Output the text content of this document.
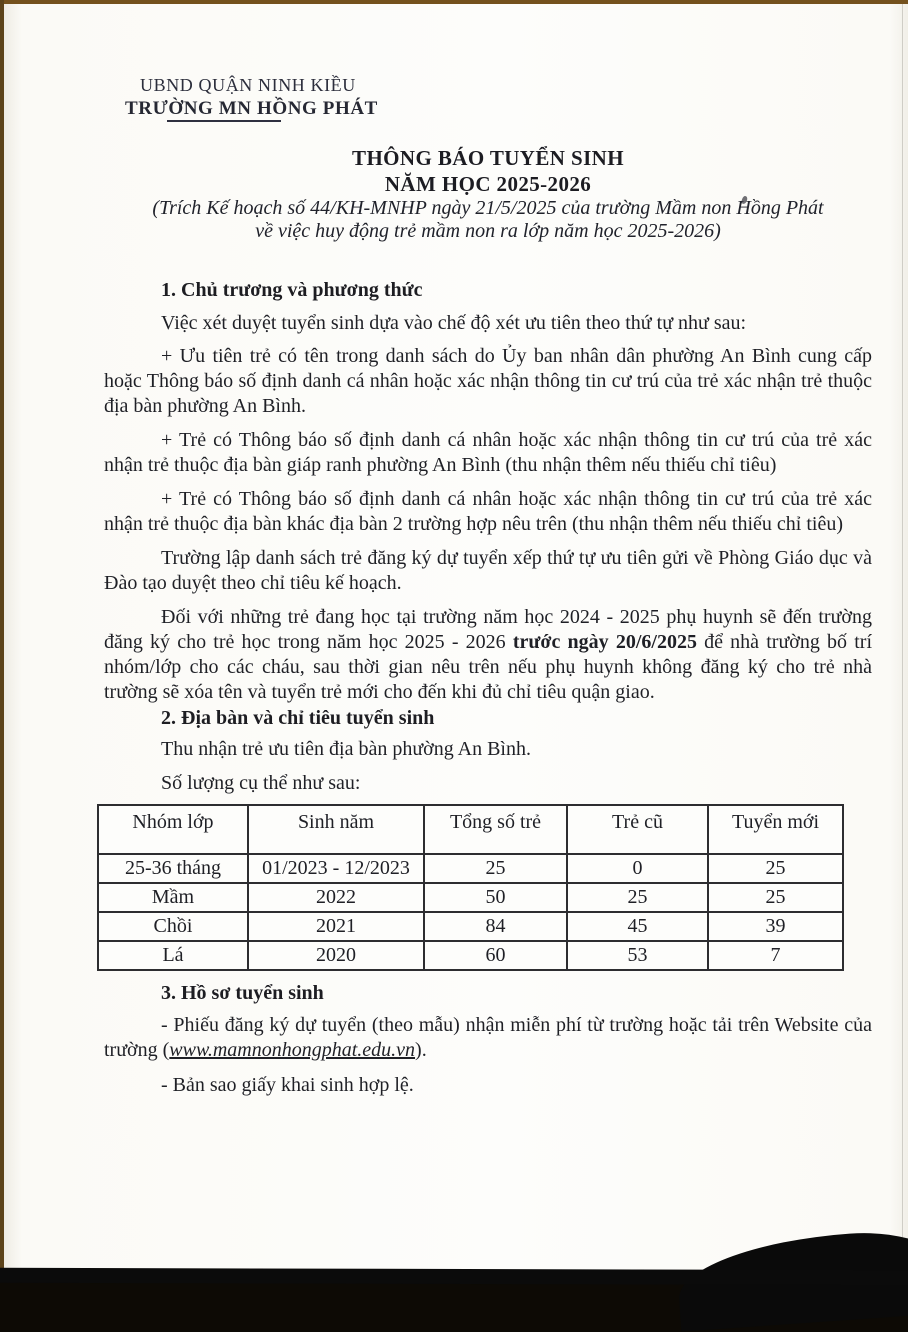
UBND QUẬN NINH KIỀU
TRƯỜNG MN HỒNG PHÁT
THÔNG BÁO TUYỂN SINH
NĂM HỌC 2025-2026
(Trích Kế hoạch số 44/KH-MNHP ngày 21/5/2025 của trường Mầm non Hồng Phát
về việc huy động trẻ mầm non ra lớp năm học 2025-2026)
1. Chủ trương và phương thức
Việc xét duyệt tuyển sinh dựa vào chế độ xét ưu tiên theo thứ tự như sau:
+ Ưu tiên trẻ có tên trong danh sách do Ủy ban nhân dân phường An Bình cung cấp hoặc Thông báo số định danh cá nhân hoặc xác nhận thông tin cư trú của trẻ xác nhận trẻ thuộc địa bàn phường An Bình.
+ Trẻ có Thông báo số định danh cá nhân hoặc xác nhận thông tin cư trú của trẻ xác nhận trẻ thuộc địa bàn giáp ranh phường An Bình (thu nhận thêm nếu thiếu chỉ tiêu)
+ Trẻ có Thông báo số định danh cá nhân hoặc xác nhận thông tin cư trú của trẻ xác nhận trẻ thuộc địa bàn khác địa bàn 2 trường hợp nêu trên (thu nhận thêm nếu thiếu chỉ tiêu)
Trường lập danh sách trẻ đăng ký dự tuyển xếp thứ tự ưu tiên gửi về Phòng Giáo dục và Đào tạo duyệt theo chỉ tiêu kế hoạch.
Đối với những trẻ đang học tại trường năm học 2024 - 2025 phụ huynh sẽ đến trường đăng ký cho trẻ học trong năm học 2025 - 2026 trước ngày 20/6/2025 để nhà trường bố trí nhóm/lớp cho các cháu, sau thời gian nêu trên nếu phụ huynh không đăng ký cho trẻ nhà trường sẽ xóa tên và tuyển trẻ mới cho đến khi đủ chỉ tiêu quận giao.
2. Địa bàn và chỉ tiêu tuyển sinh
Thu nhận trẻ ưu tiên địa bàn phường An Bình.
Số lượng cụ thể như sau:
Nhóm lớp	Sinh năm	Tổng số trẻ	Trẻ cũ	Tuyển mới
25-36 tháng	01/2023 - 12/2023	25	0	25
Mầm	2022	50	25	25
Chồi	2021	84	45	39
Lá	2020	60	53	7
3. Hồ sơ tuyển sinh
- Phiếu đăng ký dự tuyển (theo mẫu) nhận miễn phí từ trường hoặc tải trên Website của trường (www.mamnonhongphat.edu.vn).
- Bản sao giấy khai sinh hợp lệ.
